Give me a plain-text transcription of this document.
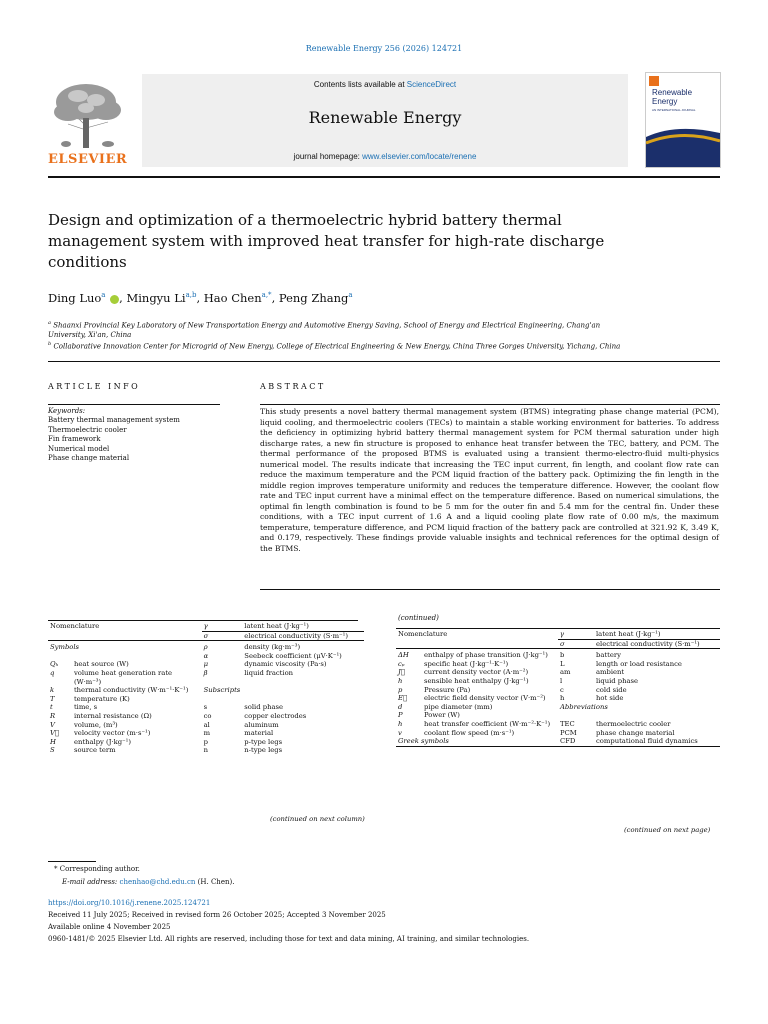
Renewable Energy 256 (2026) 124721
ELSEVIER
Contents lists available at ScienceDirect
Renewable Energy
journal homepage: www.elsevier.com/locate/renene
Renewable Energy
AN INTERNATIONAL JOURNAL
Design and optimization of a thermoelectric hybrid battery thermal management system with improved heat transfer for high-rate discharge conditions
Ding Luo$^a$ , Mingyu Li$^{a,b}$, Hao Chen$^{a,*}$, Peng Zhang$^a$
$^a$ Shaanxi Provincial Key Laboratory of New Transportation Energy and Automotive Energy Saving, School of Energy and Electrical Engineering, Chang'an University, Xi'an, China
$^b$ Collaborative Innovation Center for Microgrid of New Energy, College of Electrical Engineering & New Energy, China Three Gorges University, Yichang, China
ARTICLE INFO	ABSTRACT
Keywords:
Battery thermal management system
Thermoelectric cooler
Fin framework
Numerical model
Phase change material
This study presents a novel battery thermal management system (BTMS) integrating phase change material (PCM), liquid cooling, and thermoelectric coolers (TECs) to maintain a stable working environment for batteries. To address the deficiency in optimizing hybrid battery thermal management system for PCM thermal saturation under high discharge rates, a new fin structure is proposed to enhance heat transfer between the TEC, battery, and PCM. The thermal performance of the proposed BTMS is evaluated using a transient thermo-electro-fluid multi-physics numerical model. The results indicate that increasing the TEC input current, fin length, and coolant flow rate can reduce the maximum temperature and the PCM liquid fraction of the battery pack. Optimizing the fin length in the middle region improves temperature uniformity and reduces the temperature difference. However, the coolant flow rate and TEC input current have a minimal effect on the temperature difference. Based on numerical simulations, the optimal fin length combination is found to be 5 mm for the outer fin and 5.4 mm for the central fin. Under these conditions, with a TEC input current of 1.6 A and a liquid cooling plate flow rate of 0.00 m/s, the maximum temperature, temperature difference, and PCM liquid fraction of the battery pack are controlled at 321.92 K, 3.49 K, and 0.179, respectively. These findings provide valuable insights and technical references for the optimal design of the BTMS.
Nomenclature		γ	latent heat (J·kg⁻¹)
		σ	electrical conductivity (S·m⁻¹)
Symbols		ρ	density (kg·m⁻³)
		α	Seebeck coefficient (μV·K⁻¹)
Qₕ	heat source (W)	μ	dynamic viscosity (Pa·s)
q	volume heat generation rate (W·m⁻³)	β	liquid fraction
k	thermal conductivity (W·m⁻¹·K⁻¹)	Subscripts	
T	temperature (K)		
t	time, s	s	solid phase
R	internal resistance (Ω)	co	copper electrodes
V	volume, (m³)	al	aluminum
V⃗	velocity vector (m·s⁻¹)	m	material
H	enthalpy (J·kg⁻¹)	p	p-type legs
S	source term	n	n-type legs
(continued on next column)
(continued)
Nomenclature		γ	latent heat (J·kg⁻¹)
		σ	electrical conductivity (S·m⁻¹)
ΔH	enthalpy of phase transition (J·kg⁻¹)	b	battery
cₚ	specific heat (J·kg⁻¹·K⁻¹)	L	length or load resistance
J⃗	current density vector (A·m⁻²)	am	ambient
h	sensible heat enthalpy (J·kg⁻¹)	l	liquid phase
p	Pressure (Pa)	c	cold side
E⃗	electric field density vector (V·m⁻²)	h	hot side
d	pipe diameter (mm)	Abbreviations	
P	Power (W)		
h	heat transfer coefficient (W·m⁻²·K⁻¹)	TEC	thermoelectric cooler
v	coolant flow speed (m·s⁻¹)	PCM	phase change material
Greek symbols		CFD	computational fluid dynamics
(continued on next page)
* Corresponding author.
E-mail address: chenhao@chd.edu.cn (H. Chen).
https://doi.org/10.1016/j.renene.2025.124721
Received 11 July 2025; Received in revised form 26 October 2025; Accepted 3 November 2025
Available online 4 November 2025
0960-1481/© 2025 Elsevier Ltd. All rights are reserved, including those for text and data mining, AI training, and similar technologies.
